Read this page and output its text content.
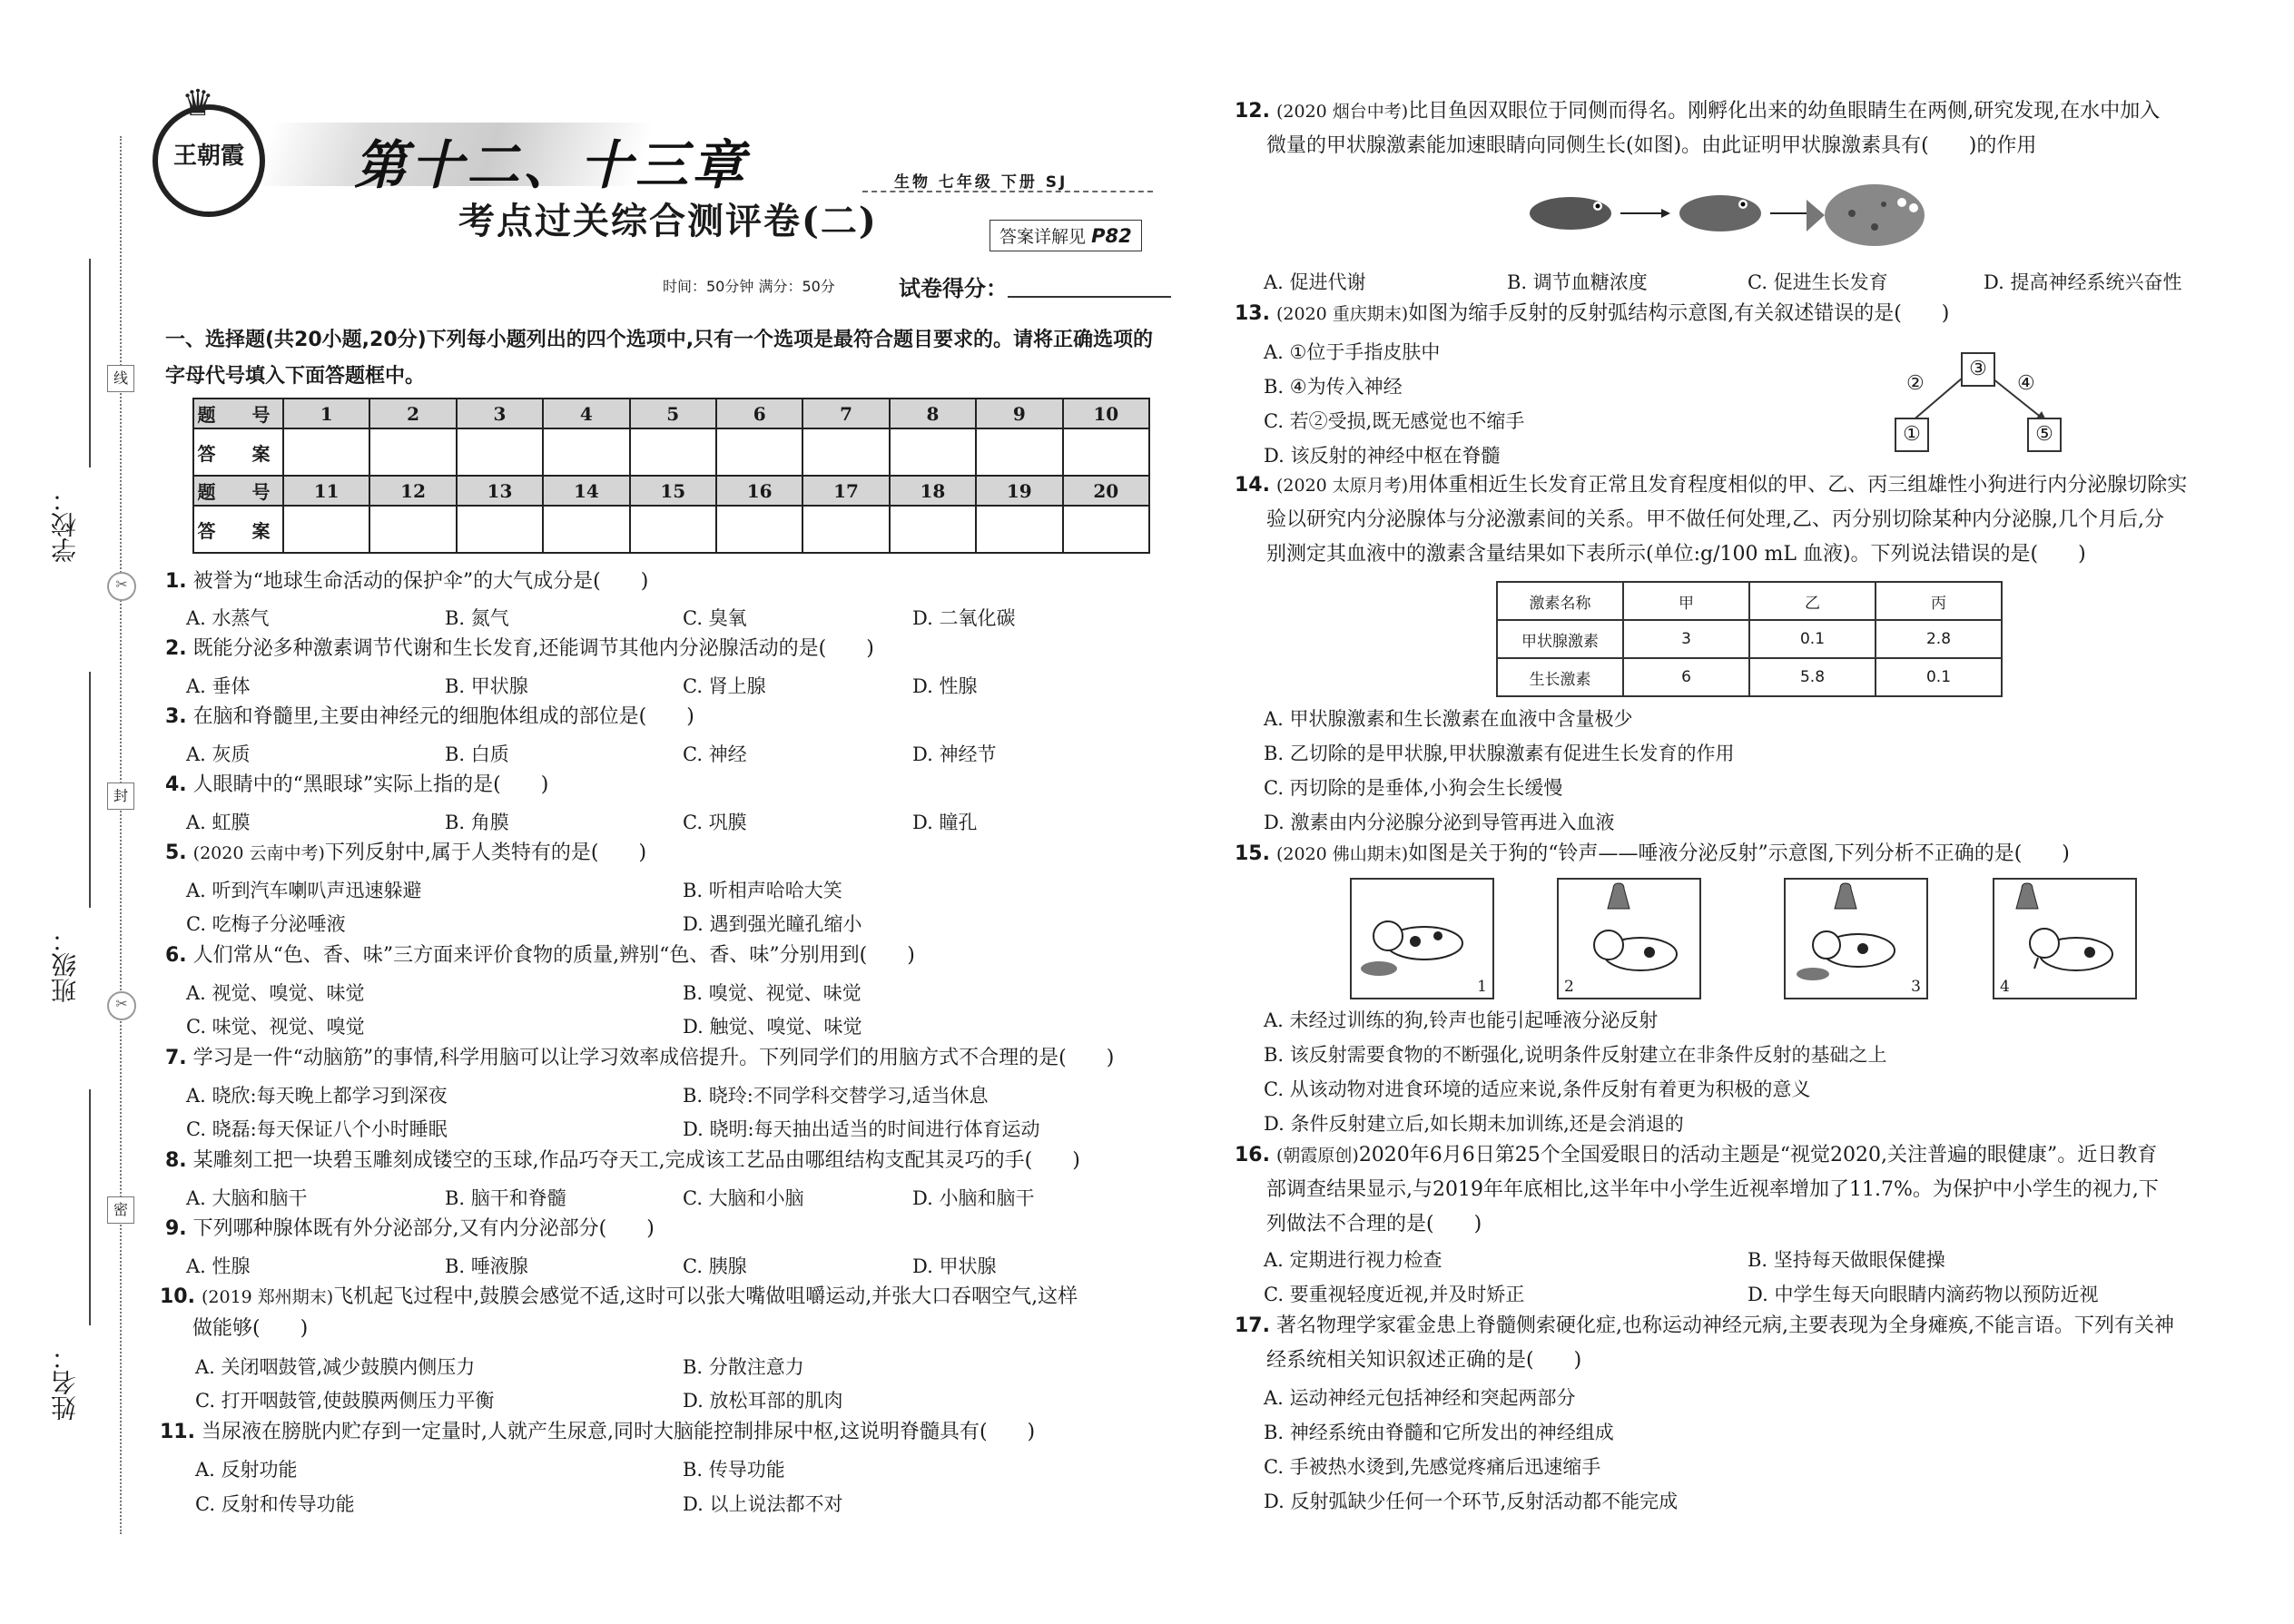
学校：
班级：
姓名：
线
✂
封
✂
密
♛
王朝霞 第十二、十三章
考点过关综合测评卷(二)
生物 七年级 下册 SJ
答案详解见 P82
时间：50分钟 满分：50分	试卷得分：
一、选择题(共20小题,20分)下列每小题列出的四个选项中,只有一个选项是最符合题目要求的。请将正确选项的字母代号填入下面答题框中。
题　号	1	2	3	4	5	6	7	8	9	10
答　案										
题　号	11	12	13	14	15	16	17	18	19	20
答　案										
1. 被誉为“地球生命活动的保护伞”的大气成分是(　　)
A. 水蒸气	B. 氮气	C. 臭氧	D. 二氧化碳
2. 既能分泌多种激素调节代谢和生长发育,还能调节其他内分泌腺活动的是(　　)
A. 垂体	B. 甲状腺	C. 肾上腺	D. 性腺
3. 在脑和脊髓里,主要由神经元的细胞体组成的部位是(　　)
A. 灰质	B. 白质	C. 神经	D. 神经节
4. 人眼睛中的“黑眼球”实际上指的是(　　)
A. 虹膜	B. 角膜	C. 巩膜	D. 瞳孔
5. (2020 云南中考)下列反射中,属于人类特有的是(　　)
A. 听到汽车喇叭声迅速躲避	B. 听相声哈哈大笑
C. 吃梅子分泌唾液	D. 遇到强光瞳孔缩小
6. 人们常从“色、香、味”三方面来评价食物的质量,辨别“色、香、味”分别用到(　　)
A. 视觉、嗅觉、味觉	B. 嗅觉、视觉、味觉
C. 味觉、视觉、嗅觉	D. 触觉、嗅觉、味觉
7. 学习是一件“动脑筋”的事情,科学用脑可以让学习效率成倍提升。下列同学们的用脑方式不合理的是(　　)
A. 晓欣:每天晚上都学习到深夜	B. 晓玲:不同学科交替学习,适当休息
C. 晓磊:每天保证八个小时睡眠	D. 晓明:每天抽出适当的时间进行体育运动
8. 某雕刻工把一块碧玉雕刻成镂空的玉球,作品巧夺天工,完成该工艺品由哪组结构支配其灵巧的手(　　)
A. 大脑和脑干	B. 脑干和脊髓	C. 大脑和小脑	D. 小脑和脑干
9. 下列哪种腺体既有外分泌部分,又有内分泌部分(　　)
A. 性腺	B. 唾液腺	C. 胰腺	D. 甲状腺
10. (2019 郑州期末)飞机起飞过程中,鼓膜会感觉不适,这时可以张大嘴做咀嚼运动,并张大口吞咽空气,这样
做能够(　　)
A. 关闭咽鼓管,减少鼓膜内侧压力	B. 分散注意力
C. 打开咽鼓管,使鼓膜两侧压力平衡	D. 放松耳部的肌肉
11. 当尿液在膀胱内贮存到一定量时,人就产生尿意,同时大脑能控制排尿中枢,这说明脊髓具有(　　)
A. 反射功能	B. 传导功能
C. 反射和传导功能	D. 以上说法都不对
12. (2020 烟台中考)比目鱼因双眼位于同侧而得名。刚孵化出来的幼鱼眼睛生在两侧,研究发现,在水中加入
微量的甲状腺激素能加速眼睛向同侧生长(如图)。由此证明甲状腺激素具有(　　)的作用
A. 促进代谢	B. 调节血糖浓度	C. 促进生长发育	D. 提高神经系统兴奋性
13. (2020 重庆期末)如图为缩手反射的反射弧结构示意图,有关叙述错误的是(　　)
A. ①位于手指皮肤中
B. ④为传入神经
C. 若②受损,既无感觉也不缩手
D. 该反射的神经中枢在脊髓
①
②
③
④
⑤
14. (2020 太原月考)用体重相近生长发育正常且发育程度相似的甲、乙、丙三组雄性小狗进行内分泌腺切除实
验以研究内分泌腺体与分泌激素间的关系。甲不做任何处理,乙、丙分别切除某种内分泌腺,几个月后,分
别测定其血液中的激素含量结果如下表所示(单位:g/100 mL 血液)。下列说法错误的是(　　)
激素名称	甲	乙	丙
甲状腺激素	3	0.1	2.8
生长激素	6	5.8	0.1
A. 甲状腺激素和生长激素在血液中含量极少
B. 乙切除的是甲状腺,甲状腺激素有促进生长发育的作用
C. 丙切除的是垂体,小狗会生长缓慢
D. 激素由内分泌腺分泌到导管再进入血液
15. (2020 佛山期末)如图是关于狗的“铃声——唾液分泌反射”示意图,下列分析不正确的是(　　)
1	2	3	4
A. 未经过训练的狗,铃声也能引起唾液分泌反射
B. 该反射需要食物的不断强化,说明条件反射建立在非条件反射的基础之上
C. 从该动物对进食环境的适应来说,条件反射有着更为积极的意义
D. 条件反射建立后,如长期未加训练,还是会消退的
16. (朝霞原创)2020年6月6日第25个全国爱眼日的活动主题是“视觉2020,关注普遍的眼健康”。近日教育
部调查结果显示,与2019年年底相比,这半年中小学生近视率增加了11.7%。为保护中小学生的视力,下
列做法不合理的是(　　)
A. 定期进行视力检查	B. 坚持每天做眼保健操
C. 要重视轻度近视,并及时矫正	D. 中学生每天向眼睛内滴药物以预防近视
17. 著名物理学家霍金患上脊髓侧索硬化症,也称运动神经元病,主要表现为全身瘫痪,不能言语。下列有关神
经系统相关知识叙述正确的是(　　)
A. 运动神经元包括神经和突起两部分
B. 神经系统由脊髓和它所发出的神经组成
C. 手被热水烫到,先感觉疼痛后迅速缩手
D. 反射弧缺少任何一个环节,反射活动都不能完成
